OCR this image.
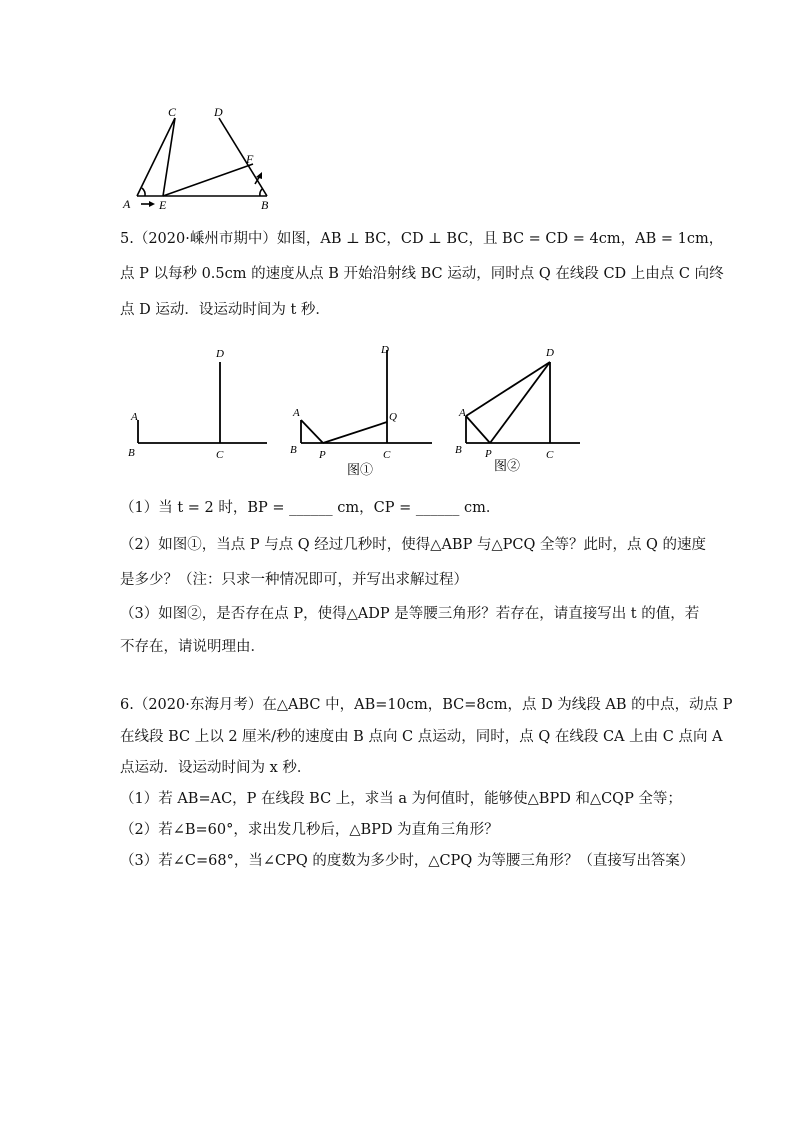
A E	B
C	D
F
5.（2020·嵊州市期中）如图，AB ⊥ BC，CD ⊥ BC，且 BC = CD = 4cm，AB = 1cm，
点 P 以每秒 0.5cm 的速度从点 B 开始沿射线 BC 运动，同时点 Q 在线段 CD 上由点 C 向终
点 D 运动．设运动时间为 t 秒．
A
B	C
D
A
B P	C
Q
D
图①
A
B P	C
D
图②
（1）当 t = 2 时，BP = ______ cm，CP = ______ cm．
（2）如图①，当点 P 与点 Q 经过几秒时，使得△ABP 与△PCQ 全等？此时，点 Q 的速度
是多少？（注：只求一种情况即可，并写出求解过程）
（3）如图②，是否存在点 P，使得△ADP 是等腰三角形？若存在，请直接写出 t 的值，若
不存在，请说明理由．
6.（2020·东海月考）在△ABC 中，AB=10cm，BC=8cm，点 D 为线段 AB 的中点，动点 P
在线段 BC 上以 2 厘米/秒的速度由 B 点向 C 点运动，同时，点 Q 在线段 CA 上由 C 点向 A
点运动．设运动时间为 x 秒．
（1）若 AB=AC，P 在线段 BC 上，求当 a 为何值时，能够使△BPD 和△CQP 全等；
（2）若∠B=60°，求出发几秒后，△BPD 为直角三角形？
（3）若∠C=68°，当∠CPQ 的度数为多少时，△CPQ 为等腰三角形？（直接写出答案）
